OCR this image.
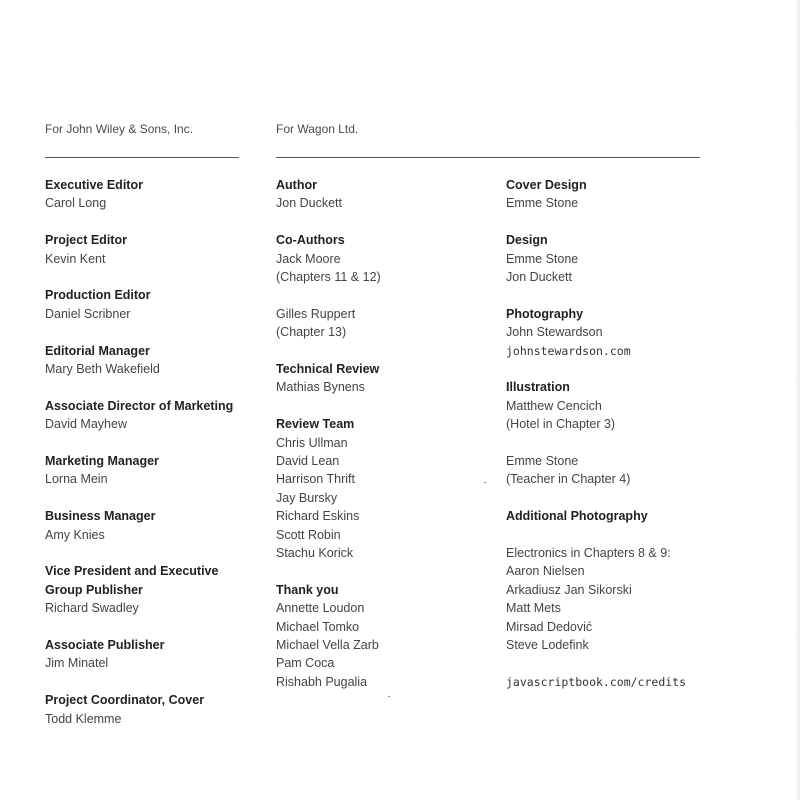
For John Wiley & Sons, Inc.	For Wagon Ltd.
Executive Editor
Carol Long
Project Editor
Kevin Kent
Production Editor
Daniel Scribner
Editorial Manager
Mary Beth Wakefield
Associate Director of Marketing
David Mayhew
Marketing Manager
Lorna Mein
Business Manager
Amy Knies
Vice President and Executive
Group Publisher
Richard Swadley
Associate Publisher
Jim Minatel
Project Coordinator, Cover
Todd Klemme
Author
Jon Duckett
Co-Authors
Jack Moore
(Chapters 11 & 12)
Gilles Ruppert
(Chapter 13)
Technical Review
Mathias Bynens
Review Team
Chris Ullman
David Lean
Harrison Thrift
Jay Bursky
Richard Eskins
Scott Robin
Stachu Korick
Thank you
Annette Loudon
Michael Tomko
Michael Vella Zarb
Pam Coca
Rishabh Pugalia
Cover Design
Emme Stone
Design
Emme Stone
Jon Duckett
Photography
John Stewardson
johnstewardson.com
Illustration
Matthew Cencich
(Hotel in Chapter 3)
Emme Stone
(Teacher in Chapter 4)
Additional Photography
Electronics in Chapters 8 & 9:
Aaron Nielsen
Arkadiusz Jan Sikorski
Matt Mets
Mirsad Dedović
Steve Lodefink
javascriptbook.com/credits
